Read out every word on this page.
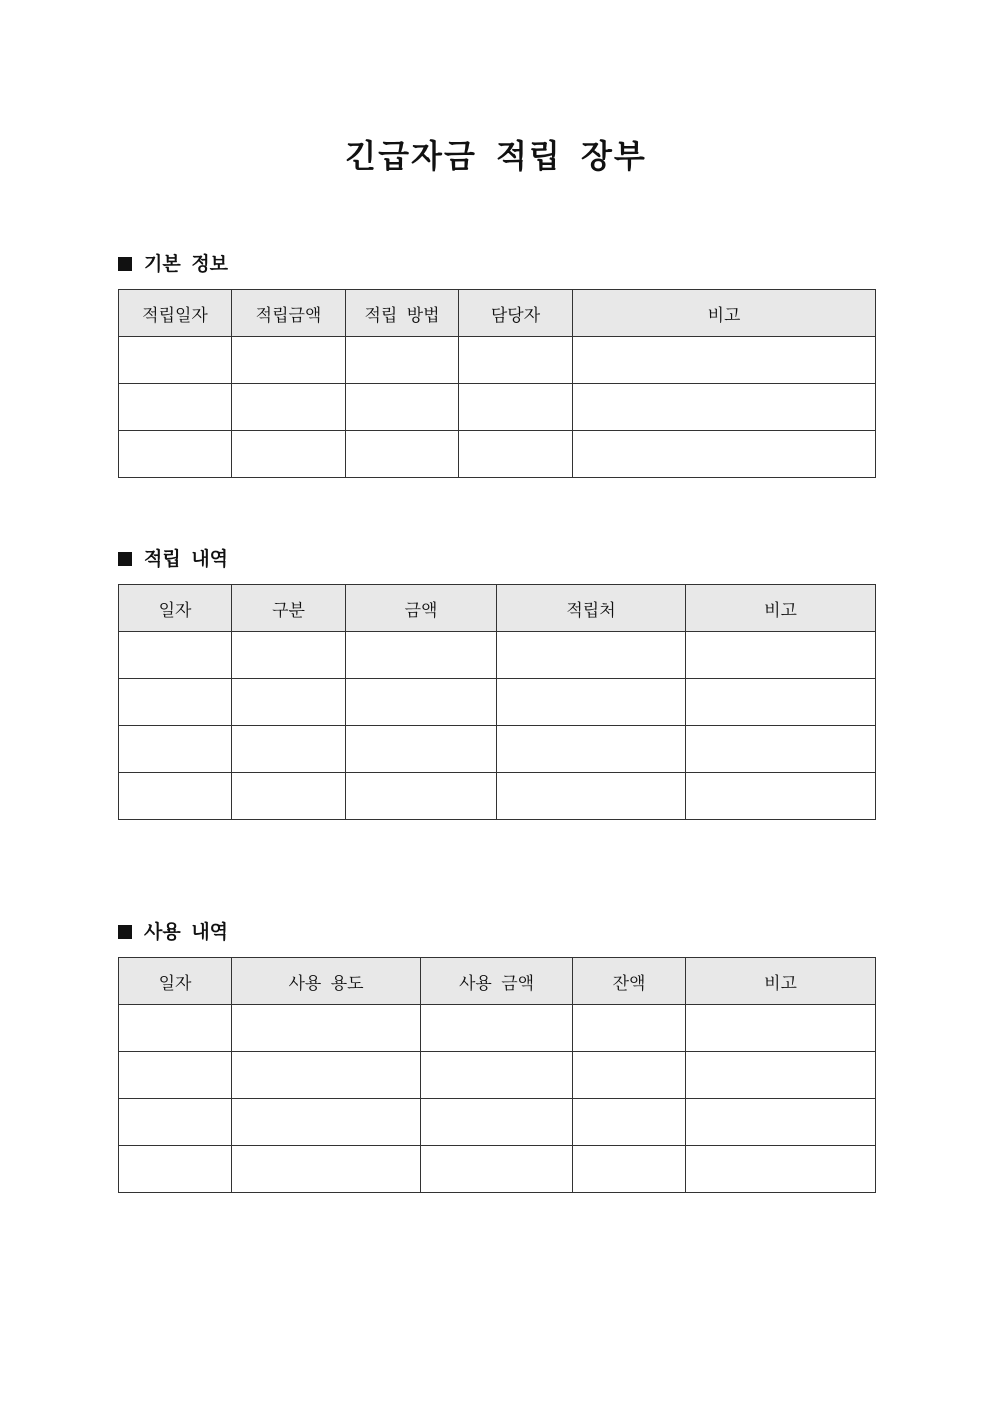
긴급자금 적립 장부
기본 정보
적립일자	적립금액	적립 방법	담당자	비고

적립 내역
일자	구분	금액	적립처	비고

사용 내역
일자	사용 용도	사용 금액	잔액	비고
